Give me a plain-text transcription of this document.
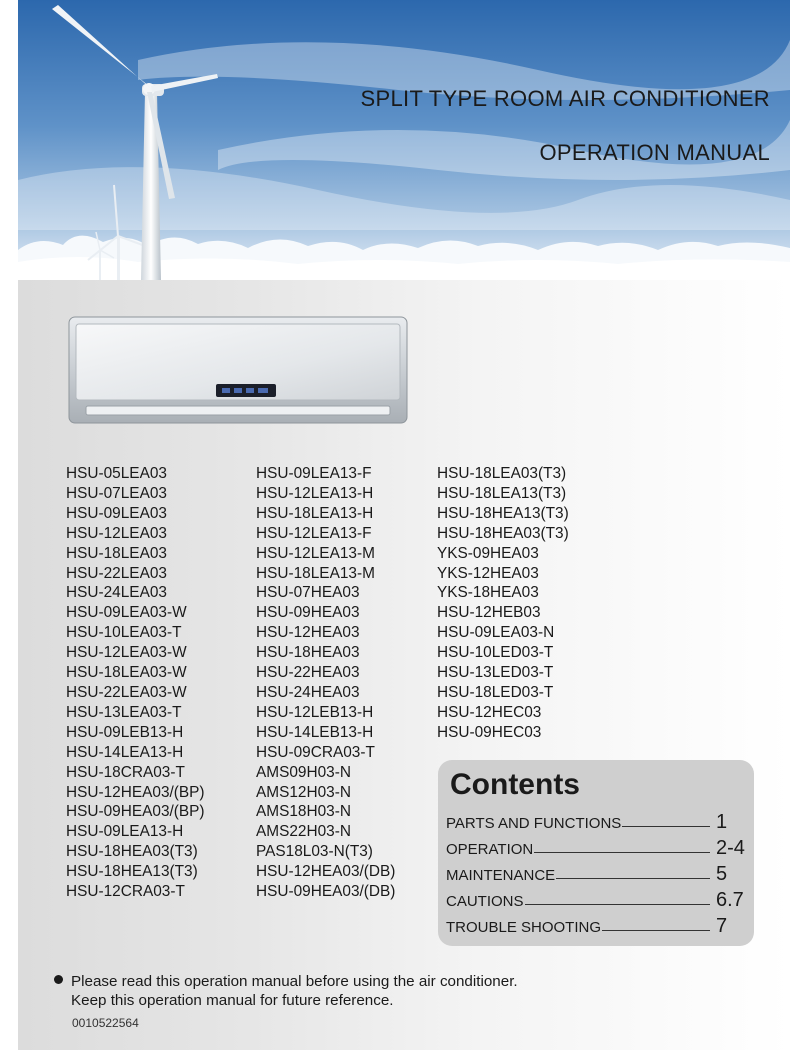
SPLIT TYPE ROOM AIR CONDITIONER
OPERATION MANUAL
HSU-05LEA03
HSU-07LEA03
HSU-09LEA03
HSU-12LEA03
HSU-18LEA03
HSU-22LEA03
HSU-24LEA03
HSU-09LEA03-W
HSU-10LEA03-T
HSU-12LEA03-W
HSU-18LEA03-W
HSU-22LEA03-W
HSU-13LEA03-T
HSU-09LEB13-H
HSU-14LEA13-H
HSU-18CRA03-T
HSU-12HEA03/(BP)
HSU-09HEA03/(BP)
HSU-09LEA13-H
HSU-18HEA03(T3)
HSU-18HEA13(T3)
HSU-12CRA03-T
HSU-09LEA13-F
HSU-12LEA13-H
HSU-18LEA13-H
HSU-12LEA13-F
HSU-12LEA13-M
HSU-18LEA13-M
HSU-07HEA03
HSU-09HEA03
HSU-12HEA03
HSU-18HEA03
HSU-22HEA03
HSU-24HEA03
HSU-12LEB13-H
HSU-14LEB13-H
HSU-09CRA03-T
AMS09H03-N
AMS12H03-N
AMS18H03-N
AMS22H03-N
PAS18L03-N(T3)
HSU-12HEA03/(DB)
HSU-09HEA03/(DB)
HSU-18LEA03(T3)
HSU-18LEA13(T3)
HSU-18HEA13(T3)
HSU-18HEA03(T3)
YKS-09HEA03
YKS-12HEA03
YKS-18HEA03
HSU-12HEB03
HSU-09LEA03-N
HSU-10LED03-T
HSU-13LED03-T
HSU-18LED03-T
HSU-12HEC03
HSU-09HEC03
Contents
PARTS AND FUNCTIONS	1
OPERATION	2-4
MAINTENANCE	5
CAUTIONS	6.7
TROUBLE SHOOTING	7
Please read this operation manual before using the air conditioner.
Keep this operation manual for future reference.
0010522564
